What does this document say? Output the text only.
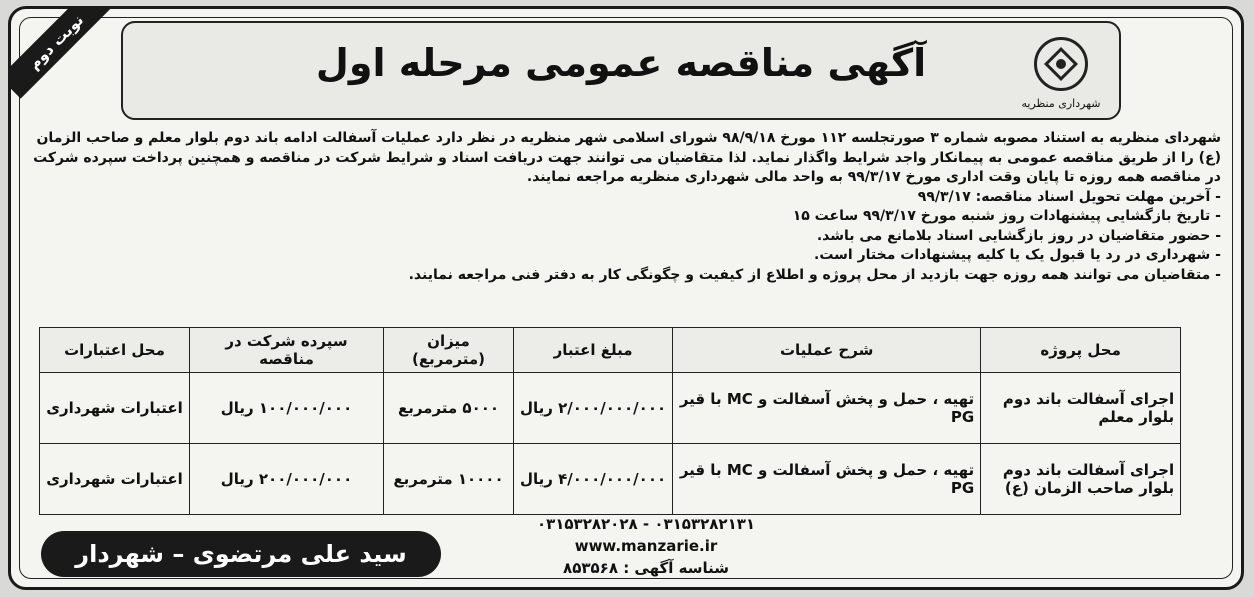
نوبت دوم	آگهی مناقصه عمومی مرحله اول
شهرداری منظریه

شهردای منظریه به استناد مصوبه شماره ۳ صورتجلسه ۱۱۲ مورخ ۹۸/۹/۱۸ شورای اسلامی شهر منظریه در نظر دارد عملیات آسفالت ادامه باند دوم بلوار معلم و صاحب الزمان (ع) را از طریق مناقصه عمومی به پیمانکار واجد شرایط واگذار نماید. لذا متقاضیان می توانند جهت دریافت اسناد و شرایط شرکت در مناقصه و همچنین پرداخت سپرده شرکت در مناقصه همه روزه تا پایان وقت اداری مورخ ۹۹/۳/۱۷ به واحد مالی شهرداری منظریه مراجعه نمایند.

- آخرین مهلت تحویل اسناد مناقصه: ۹۹/۳/۱۷

- تاریخ بازگشایی پیشنهادات روز شنبه مورخ ۹۹/۳/۱۷ ساعت ۱۵

- حضور متقاضیان در روز بازگشایی اسناد بلامانع می باشد.

- شهرداری در رد یا قبول یک یا کلیه پیشنهادات مختار است.

- متقاضیان می توانند همه روزه جهت بازدید از محل پروژه و اطلاع از کیفیت و چگونگی کار به دفتر فنی مراجعه نمایند.

محل پروژه	شرح عملیات	مبلغ اعتبار	میزان (مترمربع)	سپرده شرکت در مناقصه	محل اعتبارات
اجرای آسفالت باند دوم بلوار معلم	تهیه ، حمل و پخش آسفالت و MC با قیر PG	۲/۰۰۰/۰۰۰/۰۰۰ ریال	۵۰۰۰ مترمربع	۱۰۰/۰۰۰/۰۰۰ ریال	اعتبارات شهرداری
اجرای آسفالت باند دوم بلوار صاحب الزمان (ع)	تهیه ، حمل و پخش آسفالت و MC با قیر PG	۴/۰۰۰/۰۰۰/۰۰۰ ریال	۱۰۰۰۰ مترمربع	۲۰۰/۰۰۰/۰۰۰ ریال	اعتبارات شهرداری
۰۳۱۵۳۲۸۲۱۳۱ - ۰۳۱۵۳۲۸۲۰۲۸
www.manzarie.ir
شناسه آگهی : ۸۵۳۵۶۸
سید علی مرتضوی – شهردار
